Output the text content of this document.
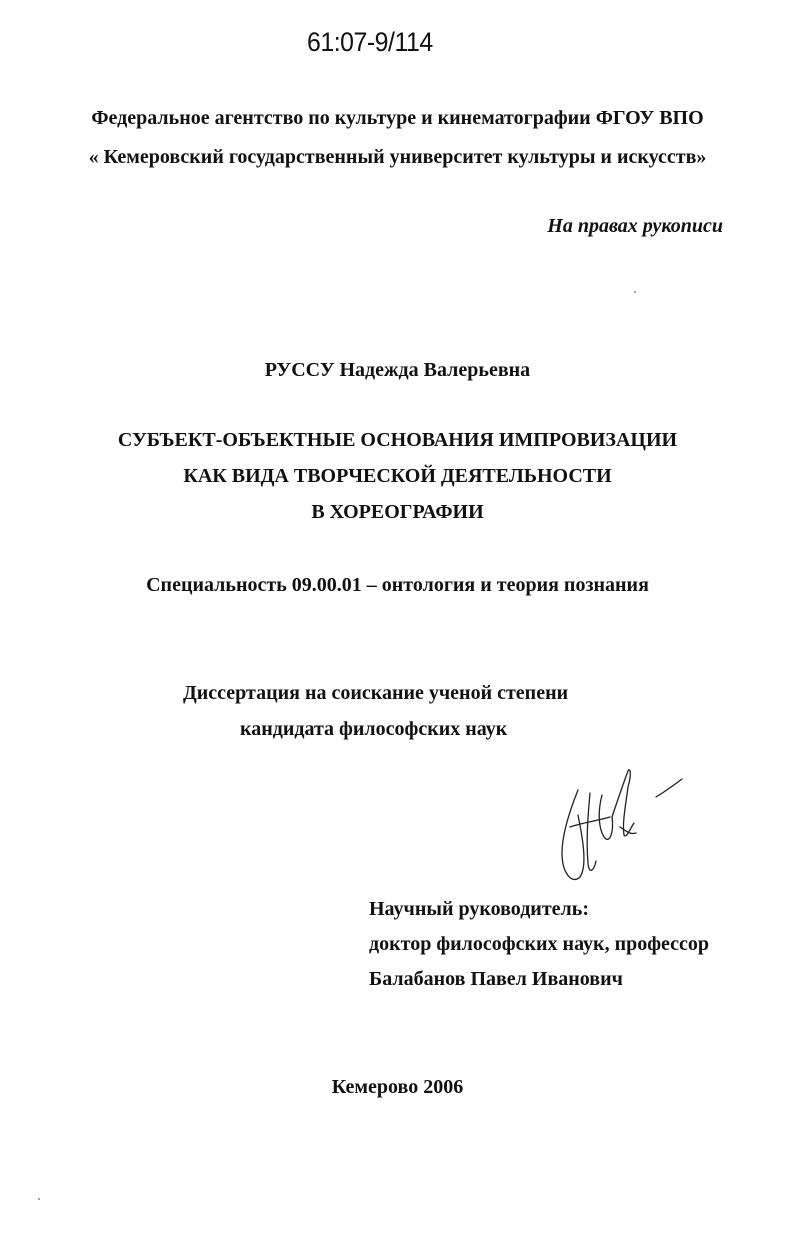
61:07-9/114
Федеральное агентство по культуре и кинематографии ФГОУ ВПО
« Кемеровский государственный университет культуры и искусств»
На правах рукописи
РУССУ Надежда Валерьевна
СУБЪЕКТ-ОБЪЕКТНЫЕ ОСНОВАНИЯ ИМПРОВИЗАЦИИ
КАК ВИДА ТВОРЧЕСКОЙ ДЕЯТЕЛЬНОСТИ
В ХОРЕОГРАФИИ
Специальность 09.00.01 – онтология и теория познания
Диссертация на соискание ученой степени
кандидата философских наук
Научный руководитель:
доктор философских наук, профессор
Балабанов Павел Иванович
Кемерово 2006
